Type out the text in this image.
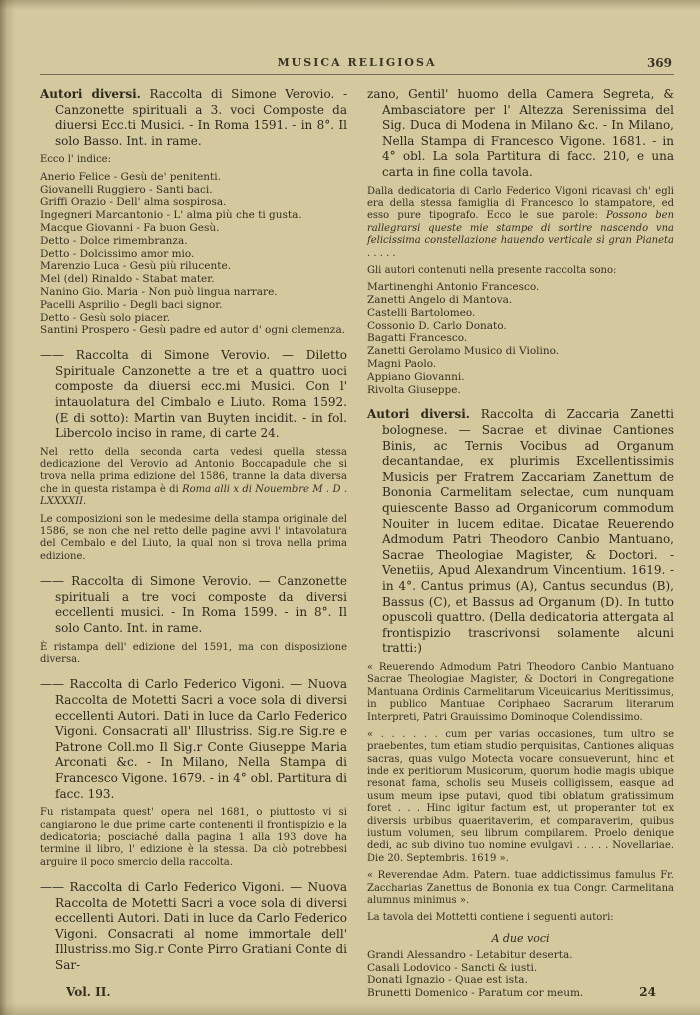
MUSICA RELIGIOSA	369
Autori diversi. Raccolta di Simone Verovio. - Canzonette spirituali a 3. voci Composte da diuersi Ecc.ti Musici. - In Roma 1591. - in 8°. Il solo Basso. Int. in rame.
Ecco l' indice:
Anerio Felice - Gesù de' penitenti.
Giovanelli Ruggiero - Santi baci.
Griffi Orazio - Dell' alma sospirosa.
Ingegneri Marcantonio - L' alma più che ti gusta.
Macque Giovanni - Fa buon Gesù.
Detto - Dolce rimembranza.
Detto - Dolcissimo amor mio.
Marenzio Luca - Gesù più rilucente.
Mel (del) Rinaldo - Stabat mater.
Nanino Gio. Maria - Non può lingua narrare.
Pacelli Asprilio - Degli baci signor.
Detto - Gesù solo piacer.
Santini Prospero - Gesù padre ed autor d' ogni clemenza.
—— Raccolta di Simone Verovio. — Diletto Spirituale Canzonette a tre et a quattro uoci composte da diuersi ecc.mi Musici. Con l' intauolatura del Cimbalo e Liuto. Roma 1592. (E di sotto): Martin van Buyten incidit. - in fol. Libercolo inciso in rame, di carte 24.
Nel retto della seconda carta vedesi quella stessa dedicazione del Verovio ad Antonio Boccapadule che si trova nella prima edizione del 1586, tranne la data diversa che in questa ristampa è di Roma alli x di Nouembre M . D . LXXXXII.
Le composizioni son le medesime della stampa originale del 1586, se non che nel retto delle pagine avvi l' intavolatura del Cembalo e del Liuto, la qual non si trova nella prima edizione.
—— Raccolta di Simone Verovio. — Canzonette spirituali a tre voci composte da diversi eccellenti musici. - In Roma 1599. - in 8°. Il solo Canto. Int. in rame.
È ristampa dell' edizione del 1591, ma con disposizione diversa.
—— Raccolta di Carlo Federico Vigoni. — Nuova Raccolta de Motetti Sacri a voce sola di diversi eccellenti Autori. Dati in luce da Carlo Federico Vigoni. Consacrati all' Illustriss. Sig.re Sig.re e Patrone Coll.mo Il Sig.r Conte Giuseppe Maria Arconati &c. - In Milano, Nella Stampa di Francesco Vigone. 1679. - in 4° obl. Partitura di facc. 193.
Fu ristampata quest' opera nel 1681, o piuttosto vi si cangiarono le due prime carte contenenti il frontispizio e la dedicatoria; posciaché dalla pagina 1 alla 193 dove ha termine il libro, l' edizione è la stessa. Da ciò potrebbesi arguire il poco smercio della raccolta.
—— Raccolta di Carlo Federico Vigoni. — Nuova Raccolta de Motetti Sacri a voce sola di diversi eccellenti Autori. Dati in luce da Carlo Federico Vigoni. Consacrati al nome immortale dell' Illustriss.mo Sig.r Conte Pirro Gratiani Conte di Sar-
zano, Gentil' huomo della Camera Segreta, & Ambasciatore per l' Altezza Serenissima del Sig. Duca di Modena in Milano &c. - In Milano, Nella Stampa di Francesco Vigone. 1681. - in 4° obl. La sola Partitura di facc. 210, e una carta in fine colla tavola.
Dalla dedicatoria di Carlo Federico Vigoni ricavasi ch' egli era della stessa famiglia di Francesco lo stampatore, ed esso pure tipografo. Ecco le sue parole: Possono ben rallegrarsi queste mie stampe di sortire nascendo vna felicissima constellazione hauendo verticale sì gran Pianeta . . . . .
Gli autori contenuti nella presente raccolta sono:
Martinenghi Antonio Francesco.
Zanetti Angelo di Mantova.
Castelli Bartolomeo.
Cossonio D. Carlo Donato.
Bagatti Francesco.
Zanetti Gerolamo Musico di Violino.
Magni Paolo.
Appiano Giovanni.
Rivolta Giuseppe.
Autori diversi. Raccolta di Zaccaria Zanetti bolognese. — Sacrae et divinae Cantiones Binis, ac Ternis Vocibus ad Organum decantandae, ex plurimis Excellentissimis Musicis per Fratrem Zaccariam Zanettum de Bononia Carmelitam selectae, cum nunquam quiescente Basso ad Organicorum commodum Nouiter in lucem editae. Dicatae Reuerendo Admodum Patri Theodoro Canbio Mantuano, Sacrae Theologiae Magister, & Doctori. - Venetiis, Apud Alexandrum Vincentium. 1619. - in 4°. Cantus primus (A), Cantus secundus (B), Bassus (C), et Bassus ad Organum (D). In tutto opuscoli quattro. (Della dedicatoria attergata al frontispizio trascrivonsi solamente alcuni tratti:)
« Reuerendo Admodum Patri Theodoro Canbio Mantuano Sacrae Theologiae Magister, & Doctori in Congregatione Mantuana Ordinis Carmelitarum Viceuicarius Meritissimus, in publico Mantuae Coriphaeo Sacrarum literarum Interpreti, Patri Grauissimo Dominoque Colendissimo.
« . . . . . . cum per varias occasiones, tum ultro se praebentes, tum etiam studio perquisitas, Cantiones aliquas sacras, quas vulgo Motecta vocare consueverunt, hinc et inde ex peritiorum Musicorum, quorum hodie magis ubique resonat fama, scholis seu Museis colligissem, easque ad usum meum ipse putavi, quod tibi oblatum gratissimum foret . . . Hinc igitur factum est, ut properanter tot ex diversis urbibus quaeritaverim, et comparaverim, quibus iustum volumen, seu librum compilarem. Proelo denique dedi, ac sub divino tuo nomine evulgavi . . . . . Novellariae. Die 20. Septembris. 1619 ».
« Reverendae Adm. Patern. tuae addictissimus famulus Fr. Zaccharias Zanettus de Bononia ex tua Congr. Carmelitana alumnus minimus ».
La tavola dei Mottetti contiene i seguenti autori:
A due voci
Grandi Alessandro - Letabitur deserta.
Casali Lodovico - Sancti & iusti.
Donati Ignazio - Quae est ista.
Brunetti Domenico - Paratum cor meum.
Vol. II.	24
